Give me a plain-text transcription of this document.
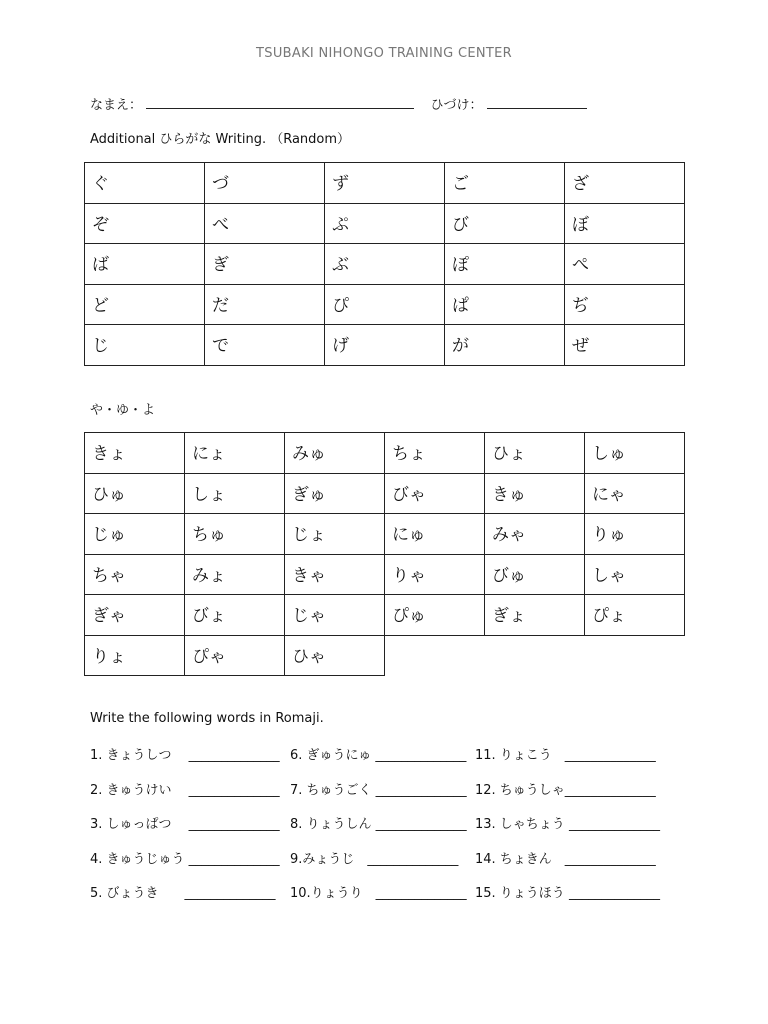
TSUBAKI NIHONGO TRAINING CENTER
なまえ：	ひづけ：
Additional ひらがな Writing. （Random）
ぐ	づ	ず	ご	ざ
ぞ	べ	ぷ	び	ぼ
ば	ぎ	ぶ	ぽ	ぺ
ど	だ	ぴ	ぱ	ぢ
じ	で	げ	が	ぜ
や・ゆ・よ
きょ	にょ	みゅ	ちょ	ひょ	しゅ
ひゅ	しょ	ぎゅ	びゃ	きゅ	にゃ
じゅ	ちゅ	じょ	にゅ	みゃ	りゅ
ちゃ	みょ	きゃ	りゃ	びゅ	しゃ
ぎゃ	びょ	じゃ	ぴゅ	ぎょ	ぴょ
りょ	ぴゃ	ひゃ			
Write the following words in Romaji.
1. きょうしつ　 ______________ 6. ぎゅうにゅ ______________ 11. りょこう　______________
2. きゅうけい　 ______________ 7. ちゅうごく ______________ 12. ちゅうしゃ______________
3. しゅっぱつ　 ______________ 8. りょうしん ______________ 13. しゃちょう ______________
4. きゅうじゅう ______________ 9.みょうじ　______________ 14. ちょきん　______________
5. びょうき　　______________ 10.りょうり　______________ 15. りょうほう ______________
